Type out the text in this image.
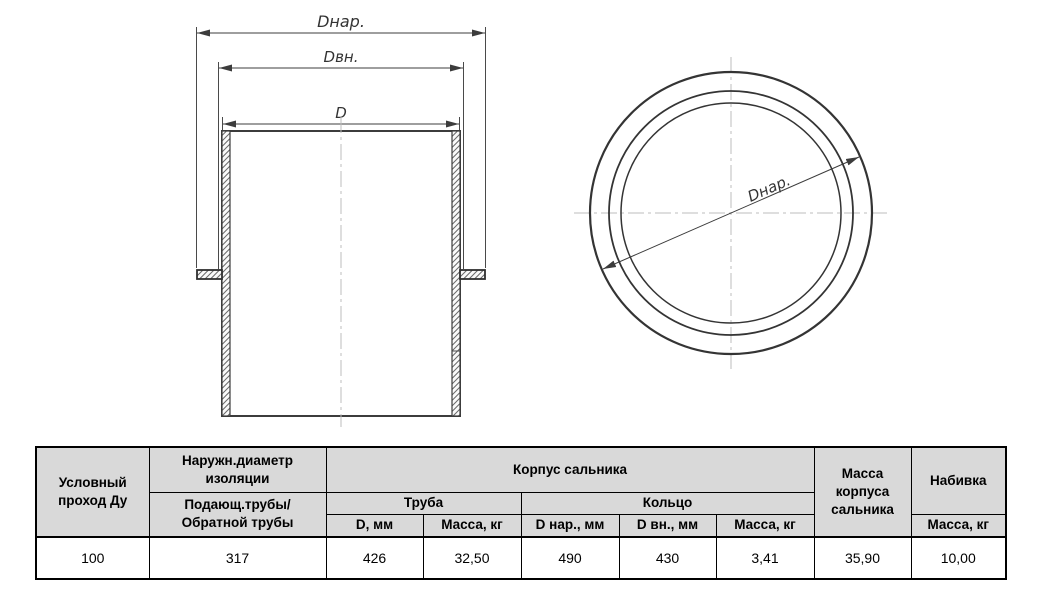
Dнар.
Dвн.
D
Dнар.
Условный проход Ду	Наружн.диаметр изоляции	Корпус сальника					Масса корпуса сальника	Набивка
	Подающ.трубы/Обратной трубы	Труба		Кольцо				
		D, мм	Масса, кг	D нар., мм	D вн., мм	Масса, кг		Масса, кг
100	317	426	32,50	490	430	3,41	35,90	10,00
